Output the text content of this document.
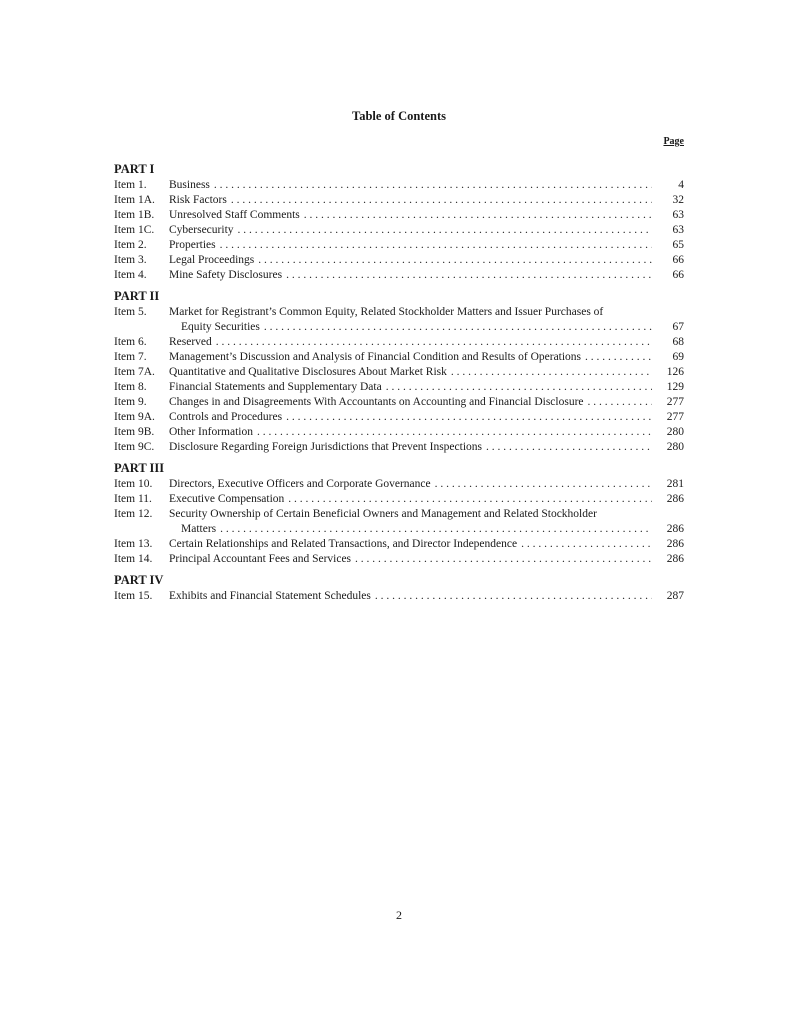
Table of Contents
Page
PART I
Item 1.	Business . . .	4
Item 1A.	Risk Factors . . .	32
Item 1B.	Unresolved Staff Comments . . .	63
Item 1C.	Cybersecurity . . .	63
Item 2.	Properties . . .	65
Item 3.	Legal Proceedings . . .	66
Item 4.	Mine Safety Disclosures . . .	66
PART II
Item 5.	Market for Registrant’s Common Equity, Related Stockholder Matters and Issuer Purchases of
Equity Securities . . .	67
Item 6.	Reserved . . .	68
Item 7.	Management’s Discussion and Analysis of Financial Condition and Results of Operations . . .	69
Item 7A.	Quantitative and Qualitative Disclosures About Market Risk . . .	126
Item 8.	Financial Statements and Supplementary Data . . .	129
Item 9.	Changes in and Disagreements With Accountants on Accounting and Financial Disclosure . . .	277
Item 9A.	Controls and Procedures . . .	277
Item 9B.	Other Information . . .	280
Item 9C.	Disclosure Regarding Foreign Jurisdictions that Prevent Inspections . . .	280
PART III
Item 10.	Directors, Executive Officers and Corporate Governance . . .	281
Item 11.	Executive Compensation . . .	286
Item 12.	Security Ownership of Certain Beneficial Owners and Management and Related Stockholder
Matters . . .	286
Item 13.	Certain Relationships and Related Transactions, and Director Independence . . .	286
Item 14.	Principal Accountant Fees and Services . . .	286
PART IV
Item 15.	Exhibits and Financial Statement Schedules . . .	287
2
